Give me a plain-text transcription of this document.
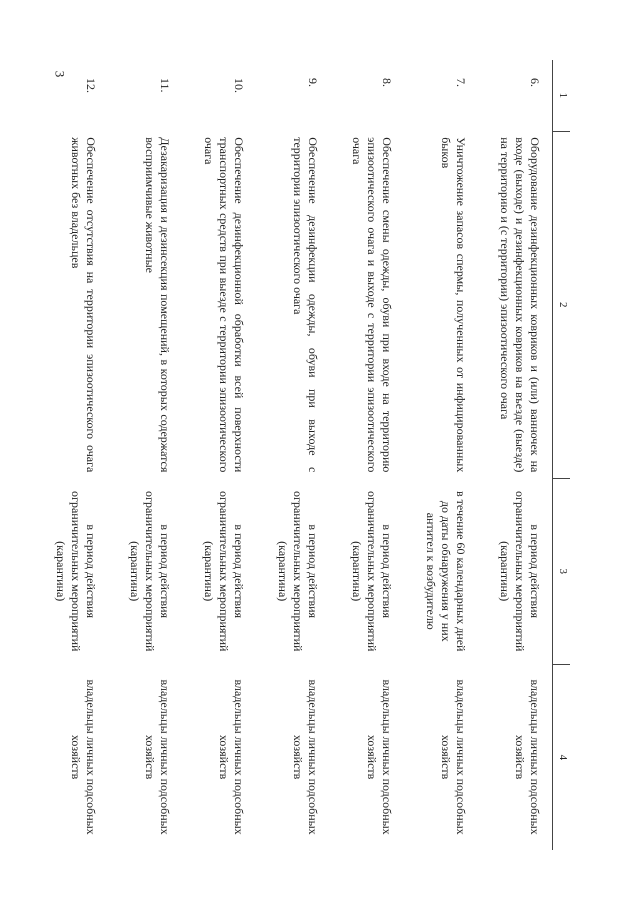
3
1	2	3	4
6.	Оборудование дезинфекционных ковриков и (или) ванночек на входе (выходе) и дезинфекционных ковриков на въезде (выезде) на территорию и (с территории) эпизоотического очага	в период действия ограничительных мероприятий (карантина)	владельцы личных подсобных хозяйств
7.	Уничтожение запасов спермы, полученных от инфицированных быков	в течение 60 календарных дней до даты обнаружения у них антител к возбудителю	владельцы личных подсобных хозяйств
8.	Обеспечение смены одежды, обуви при входе на территорию эпизоотического очага и выходе с территории эпизоотического очага	в период действия ограничительных мероприятий (карантина)	владельцы личных подсобных хозяйств
9.	Обеспечение дезинфекции одежды, обуви при выходе с территории эпизоотического очага	в период действия ограничительных мероприятий (карантина)	владельцы личных подсобных хозяйств
10.	Обеспечение дезинфекционной обработки всей поверхности транспортных средств при выезде с территории эпизоотического очага	в период действия ограничительных мероприятий (карантина)	владельцы личных подсобных хозяйств
11.	Дезакаризация и дезинсекция помещений, в которых содержатся восприимчивые животные	в период действия ограничительных мероприятий (карантина)	владельцы личных подсобных хозяйств
12.	Обеспечение отсутствия на территории эпизоотического очага животных без владельцев	в период действия ограничительных мероприятий (карантина)	владельцы личных подсобных хозяйств
